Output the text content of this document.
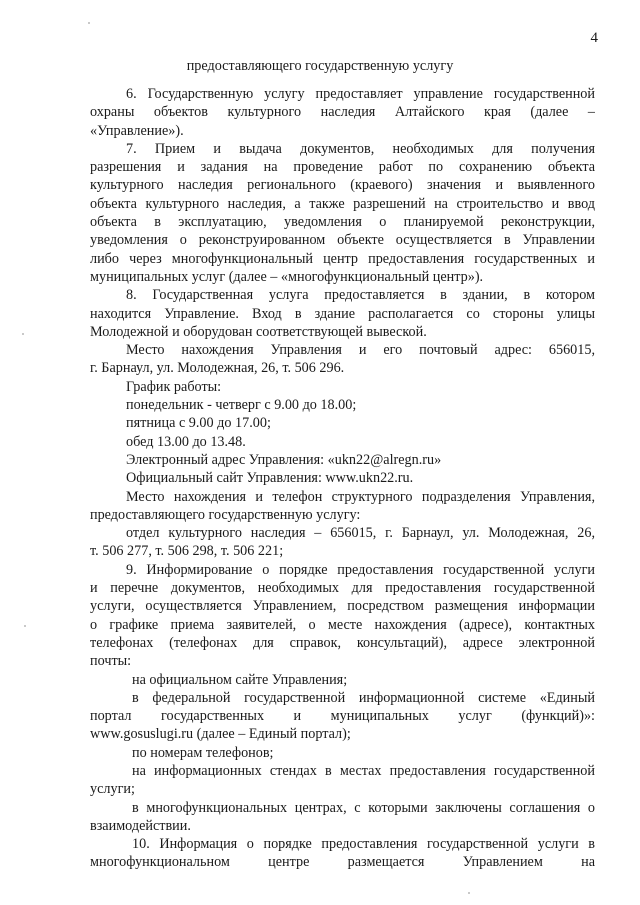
4
предоставляющего государственную услугу
6. Государственную услугу предоставляет управление государственной
охраны объектов культурного наследия Алтайского края (далее –
«Управление»).
7. Прием и выдача документов, необходимых для получения
разрешения и задания на проведение работ по сохранению объекта
культурного наследия регионального (краевого) значения и выявленного
объекта культурного наследия, а также разрешений на строительство и ввод
объекта в эксплуатацию, уведомления о планируемой реконструкции,
уведомления о реконструированном объекте осуществляется в Управлении
либо через многофункциональный центр предоставления государственных и
муниципальных услуг (далее – «многофункциональный центр»).
8. Государственная услуга предоставляется в здании, в котором
находится Управление. Вход в здание располагается со стороны улицы
Молодежной и оборудован соответствующей вывеской.
Место нахождения Управления и его почтовый адрес: 656015,
г. Барнаул, ул. Молодежная, 26, т. 506 296.
График работы:
понедельник - четверг с 9.00 до 18.00;
пятница с 9.00 до 17.00;
обед 13.00 до 13.48.
Электронный адрес Управления: «ukn22@alregn.ru»
Официальный сайт Управления: www.ukn22.ru.
Место нахождения и телефон структурного подразделения Управления,
предоставляющего государственную услугу:
отдел культурного наследия – 656015, г. Барнаул, ул. Молодежная, 26,
т. 506 277, т. 506 298, т. 506 221;
9. Информирование о порядке предоставления государственной услуги
и перечне документов, необходимых для предоставления государственной
услуги, осуществляется Управлением, посредством размещения информации
о графике приема заявителей, о месте нахождения (адресе), контактных
телефонах (телефонах для справок, консультаций), адресе электронной
почты:
на официальном сайте Управления;
в федеральной государственной информационной системе «Единый
портал государственных и муниципальных услуг (функций)»:
www.gosuslugi.ru (далее – Единый портал);
по номерам телефонов;
на информационных стендах в местах предоставления государственной
услуги;
в многофункциональных центрах, с которыми заключены соглашения о
взаимодействии.
10. Информация о порядке предоставления государственной услуги в
многофункциональном центре размещается Управлением на
